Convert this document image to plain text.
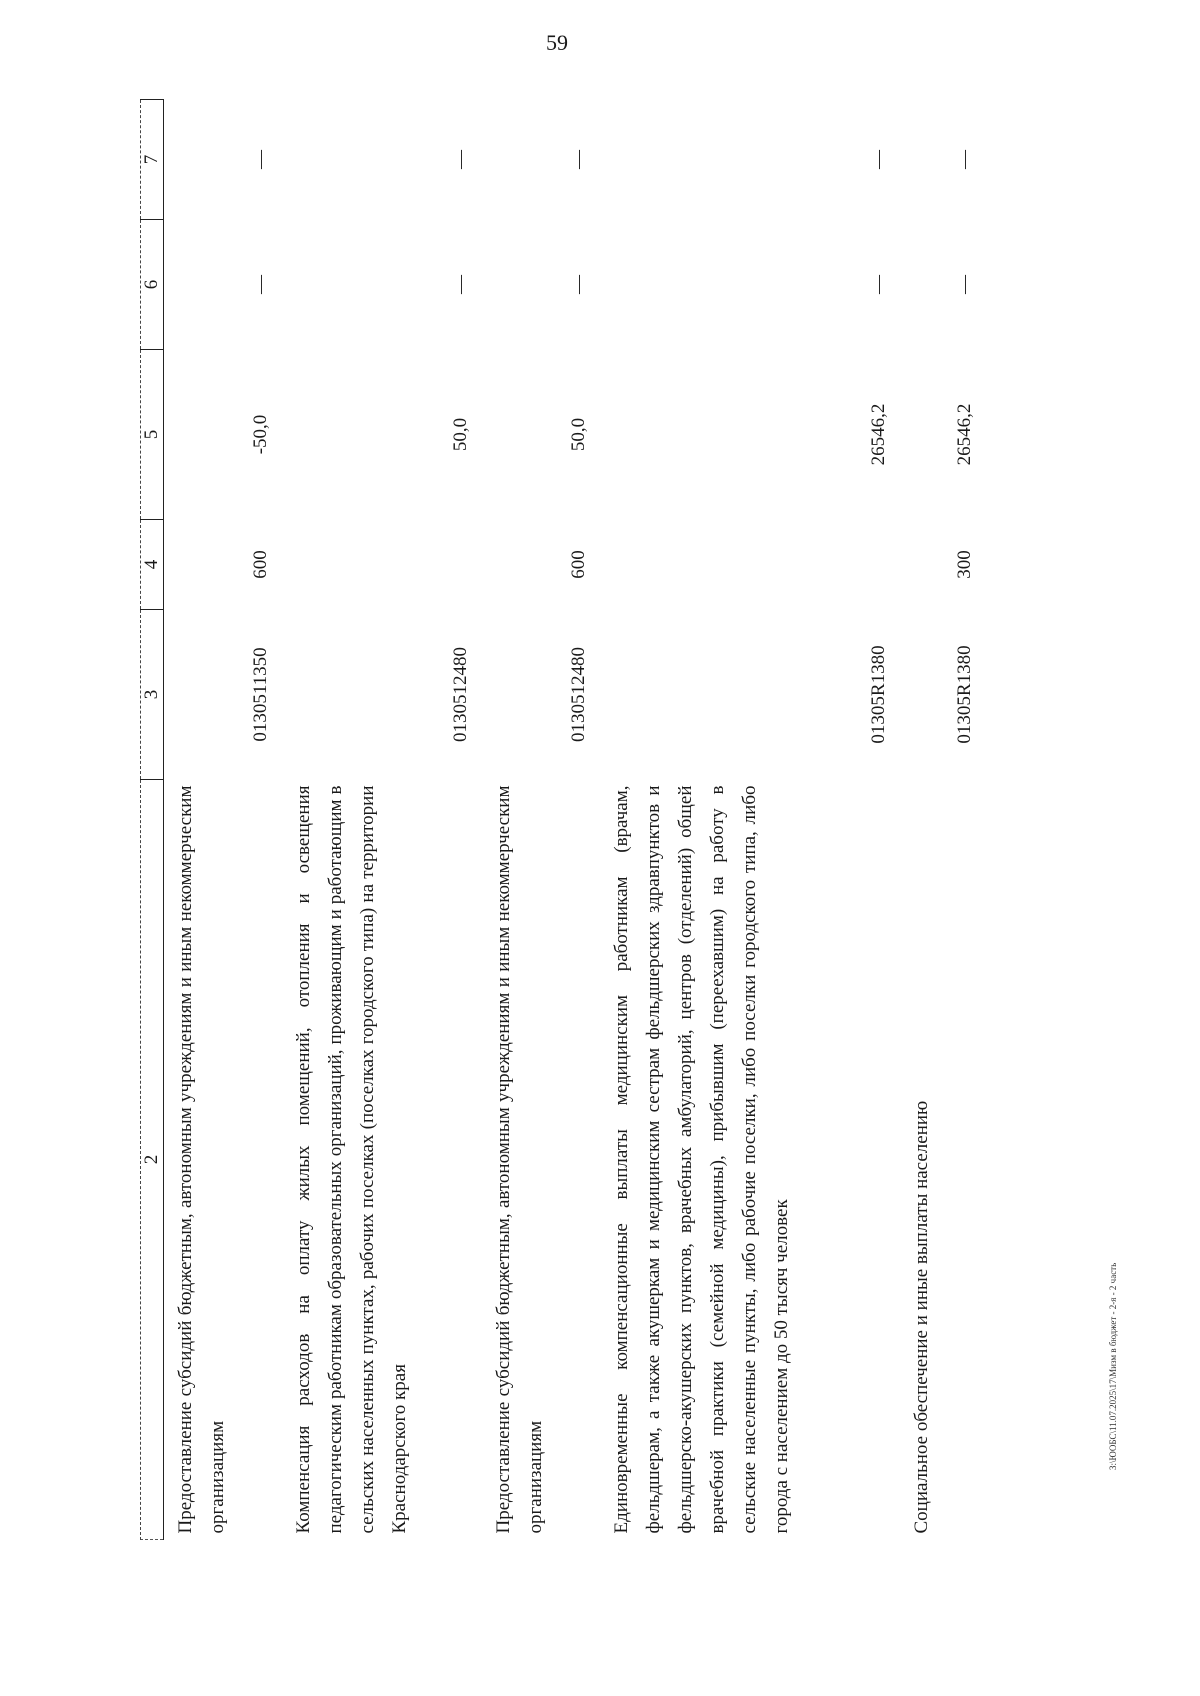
59
2	3	4	5	6	7
Предоставление субсидий бюджетным, автономным учреждениям и иным некоммерческим организациям	0130511350	600	-50,0	—	—
Компенсация расходов на оплату жилых помещений, отопления и освещения педагогическим работникам образовательных организаций, проживающим и работающим в сельских населенных пунктах, рабочих поселках (поселках городского типа) на территории Краснодарского края	0130512480		50,0	—	—
Предоставление субсидий бюджетным, автономным учреждениям и иным некоммерческим организациям	0130512480	600	50,0	—	—
Единовременные компенсационные выплаты медицинским работникам (врачам, фельдшерам, а также акушеркам и медицинским сестрам фельдшерских здравпунктов и фельдшерско-акушерских пунктов, врачебных амбулаторий, центров (отделений) общей врачебной практики (семейной медицины), прибывшим (переехавшим) на работу в сельские населенные пункты, либо рабочие поселки, либо поселки городского типа, либо города с населением до 50 тысяч человек	01305R1380		26546,2	—	—
Социальное обеспечение и иные выплаты населению	01305R1380	300	26546,2	—	—
З:\ЮОБС\11.07.2025\17\Мизм в бюджет - 2-я - 2 часть
